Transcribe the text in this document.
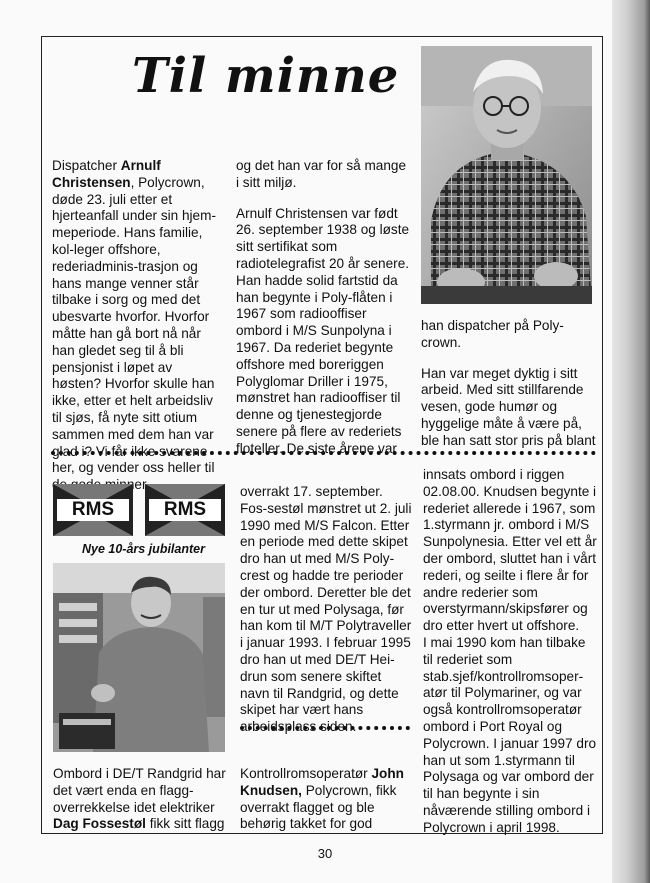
Til minne

Dispatcher Arnulf Christensen, Polycrown, døde 23. juli etter et hjerteanfall under sin hjem-meperiode. Hans familie, kol-leger offshore, rederiadminis-trasjon og hans mange venner står tilbake i sorg og med det ubesvarte hvorfor. Hvorfor måtte han gå bort nå når han gledet seg til å bli pensjonist i løpet av høsten? Hvorfor skulle han ikke, etter et helt arbeidsliv til sjøs, få nyte sitt otium sammen med dem han var glad i? Vi får ikke svarene her, og vender oss heller til

og det han var for så mange i sitt miljø.

Arnulf Christensen var født 26. september 1938 og løste sitt sertifikat som radiotelegrafist 20 år senere. Han hadde solid fartstid da han begynte i Poly-flåten i 1967 som radiooffiser ombord i M/S Sunpolyna i 1967. Da rederiet begynte offshore med boreriggen Polyglomar Driller i 1975, mønstret han radiooffiser til denne og tjenestegjorde senere på flere av rederiets floteller. De siste årene var

han dispatcher på Poly-crown.

Han var meget dyktig i sitt arbeid. Med sitt stillfarende vesen, gode humør og hyggelige måte å være på, ble han satt stor pris på blant

RMS	RMS
Nye 10-års jubilanter

Ombord i DE/T Randgrid har det vært enda en flagg-overrekkelse idet elektriker Dag Fossestøl fikk sitt flagg

overrakt 17. september. Fos-sestøl mønstret ut 2. juli 1990 med M/S Falcon. Etter en periode med dette skipet dro han ut med M/S Poly-crest og hadde tre perioder der ombord. Deretter ble det en tur ut med Polysaga, før han kom til M/T Polytraveller i januar 1993. I februar 1995 dro han ut med DE/T Hei-drun som senere skiftet navn til Randgrid, og dette skipet har vært hans arbeidsplass siden.

Kontrollromsoperatør John Knudsen, Polycrown, fikk overrakt flagget og ble behørig takket for god

innsats ombord i riggen 02.08.00. Knudsen begynte i rederiet allerede i 1967, som 1.styrmann jr. ombord i M/S Sunpolynesia. Etter vel ett år der ombord, sluttet han i vårt rederi, og seilte i flere år for andre rederier som overstyrmann/skipsfører og dro etter hvert ut offshore.

I mai 1990 kom han tilbake til rederiet som stab.sjef/kontrollromsoper-atør til Polymariner, og var også kontrollromsoperatør ombord i Port Royal og Polycrown. I januar 1997 dro han ut som 1.styrmann til Polysaga og var ombord der til han begynte i sin nåværende stilling ombord i Polycrown i april 1998.

30
